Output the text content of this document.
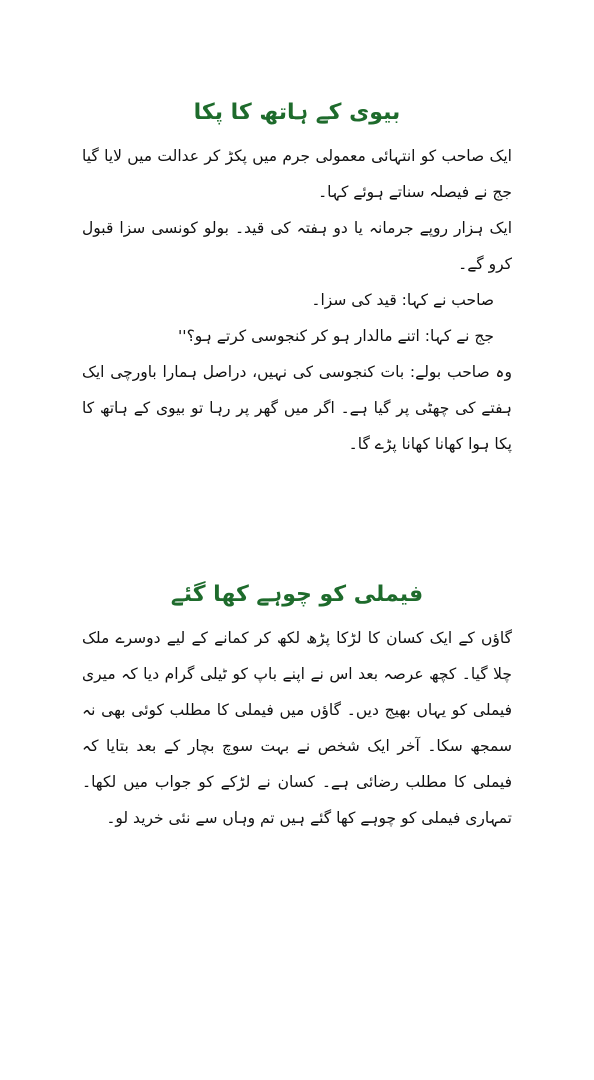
بیوی کے ہاتھ کا پکا

ایک صاحب کو انتہائی معمولی جرم میں پکڑ کر عدالت میں لایا گیا جج نے فیصلہ سناتے ہوئے کہا۔

ایک ہزار روپے جرمانہ یا دو ہفتہ کی قید۔ بولو کونسی سزا قبول کرو گے۔

صاحب نے کہا: قید کی سزا۔

جج نے کہا: اتنے مالدار ہو کر کنجوسی کرتے ہو؟''

وہ صاحب بولے: بات کنجوسی کی نہیں، دراصل ہمارا باورچی ایک ہفتے کی چھٹی پر گیا ہے۔ اگر میں گھر پر رہا تو بیوی کے ہاتھ کا پکا ہوا کھانا کھانا پڑے گا۔

فیملی کو چوہے کھا گئے

گاؤں کے ایک کسان کا لڑکا پڑھ لکھ کر کمانے کے لیے دوسرے ملک چلا گیا۔ کچھ عرصہ بعد اس نے اپنے باپ کو ٹیلی گرام دیا کہ میری فیملی کو یہاں بھیج دیں۔ گاؤں میں فیملی کا مطلب کوئی بھی نہ سمجھ سکا۔ آخر ایک شخص نے بہت سوچ بچار کے بعد بتایا کہ فیملی کا مطلب رضائی ہے۔ کسان نے لڑکے کو جواب میں لکھا۔ تمہاری فیملی کو چوہے کھا گئے ہیں تم وہاں سے نئی خرید لو۔
